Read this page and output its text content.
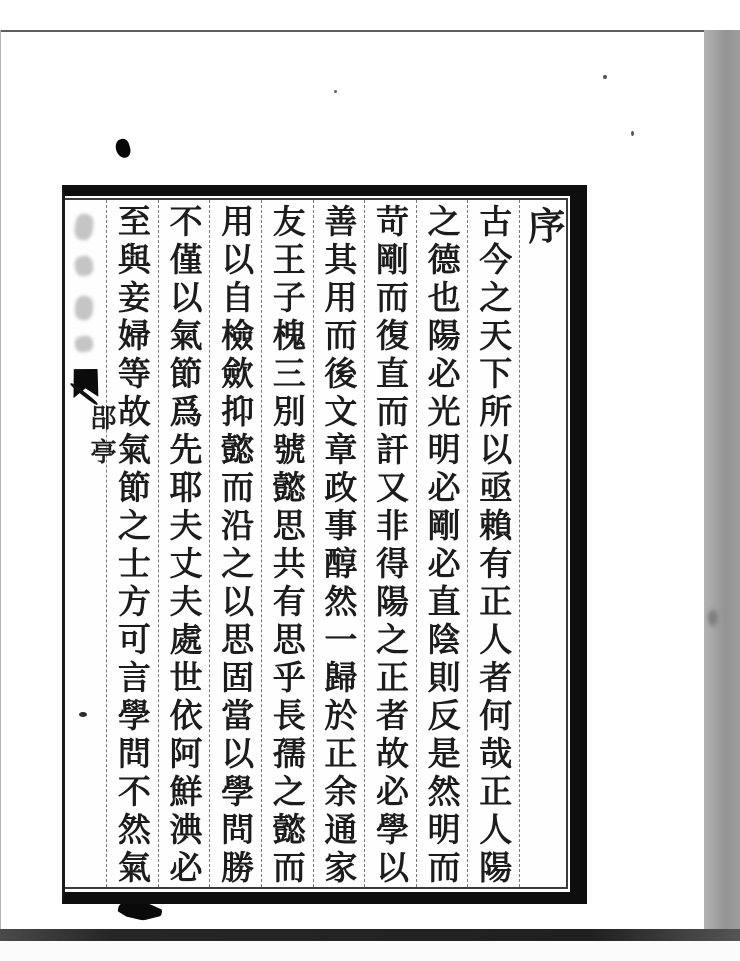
序
古今之天下所以亟賴有正人者何哉正人陽
之德也陽必光明必剛必直陰則反是然明而
苛剛而復直而訐又非得陽之正者故必學以
善其用而後文章政事醇然一歸於正余通家
友王子槐三別號懿思共有思乎長孺之懿而
用以自檢歛抑懿而沿之以思固當以學問勝
不僅以氣節爲先耶夫丈夫處世依阿鮮淟必
至與妾婦等故氣節之士方可言學問不然氣
郘亭
